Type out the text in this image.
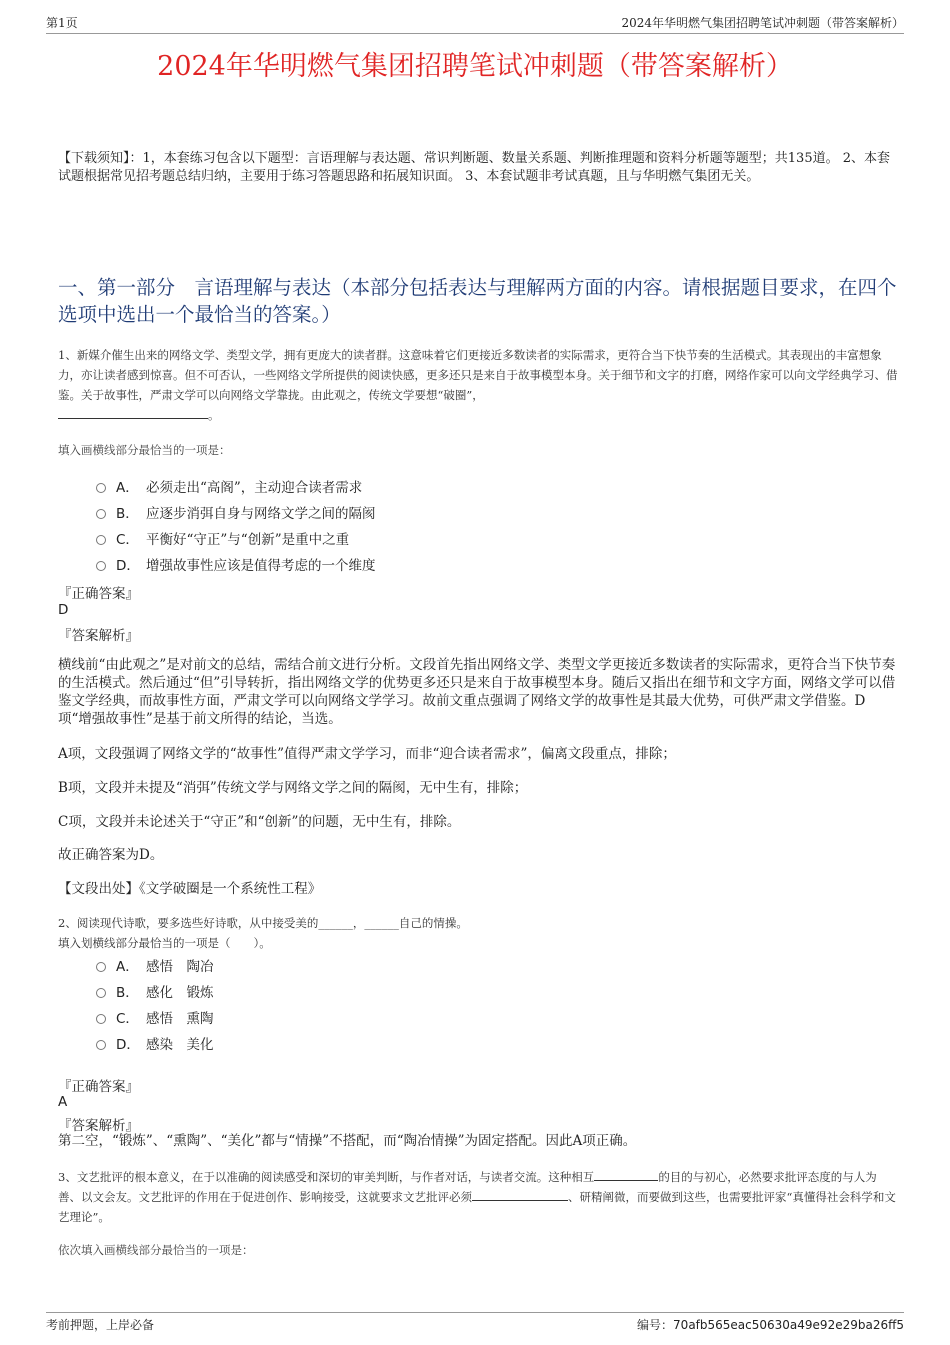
第1页	2024年华明燃气集团招聘笔试冲刺题（带答案解析）
2024年华明燃气集团招聘笔试冲刺题（带答案解析）
【下载须知】：1，本套练习包含以下题型：言语理解与表达题、常识判断题、数量关系题、判断推理题和资料分析题等题型；共135道。 2、本套试题根据常见招考题总结归纳，主要用于练习答题思路和拓展知识面。 3、本套试题非考试真题，且与华明燃气集团无关。
一、第一部分　言语理解与表达（本部分包括表达与理解两方面的内容。请根据题目要求，在四个选项中选出一个最恰当的答案。）
1、新媒介催生出来的网络文学、类型文学，拥有更庞大的读者群。这意味着它们更接近多数读者的实际需求，更符合当下快节奏的生活模式。其表现出的丰富想象力，亦让读者感到惊喜。但不可否认，一些网络文学所提供的阅读快感，更多还只是来自于故事模型本身。关于细节和文字的打磨，网络作家可以向文学经典学习、借鉴。关于故事性，严肃文学可以向网络文学靠拢。由此观之，传统文学要想“破圈”，
。
填入画横线部分最恰当的一项是：
A． 必须走出“高阁”，主动迎合读者需求
B． 应逐步消弭自身与网络文学之间的隔阂
C． 平衡好“守正”与“创新”是重中之重
D． 增强故事性应该是值得考虑的一个维度
『正确答案』
D
『答案解析』
横线前“由此观之”是对前文的总结，需结合前文进行分析。文段首先指出网络文学、类型文学更接近多数读者的实际需求，更符合当下快节奏的生活模式。然后通过“但”引导转折，指出网络文学的优势更多还只是来自于故事模型本身。随后又指出在细节和文字方面，网络文学可以借鉴文学经典，而故事性方面，严肃文学可以向网络文学学习。故前文重点强调了网络文学的故事性是其最大优势，可供严肃文学借鉴。D项“增强故事性”是基于前文所得的结论，当选。
A项，文段强调了网络文学的“故事性”值得严肃文学学习，而非“迎合读者需求”，偏离文段重点，排除；
B项，文段并未提及“消弭”传统文学与网络文学之间的隔阂，无中生有，排除；
C项，文段并未论述关于“守正”和“创新”的问题，无中生有，排除。
故正确答案为D。
【文段出处】《文学破圈是一个系统性工程》
2、阅读现代诗歌，要多选些好诗歌，从中接受美的______，______自己的情操。
填入划横线部分最恰当的一项是（　　）。
A． 感悟　陶冶
B． 感化　锻炼
C． 感悟　熏陶
D． 感染　美化
『正确答案』
A
『答案解析』
第二空，“锻炼”、“熏陶”、“美化”都与“情操”不搭配，而“陶冶情操”为固定搭配。因此A项正确。
3、文艺批评的根本意义，在于以准确的阅读感受和深切的审美判断，与作者对话，与读者交流。这种相互	的目的与初心，必然要求批评态度的与人为善、以文会友。文艺批评的作用在于促进创作、影响接受，这就要求文艺批评必须	、研精阐微，而要做到这些，也需要批评家“真懂得社会科学和文艺理论”。
依次填入画横线部分最恰当的一项是：
考前押题，上岸必备	编号：70afb565eac50630a49e92e29ba26ff5
